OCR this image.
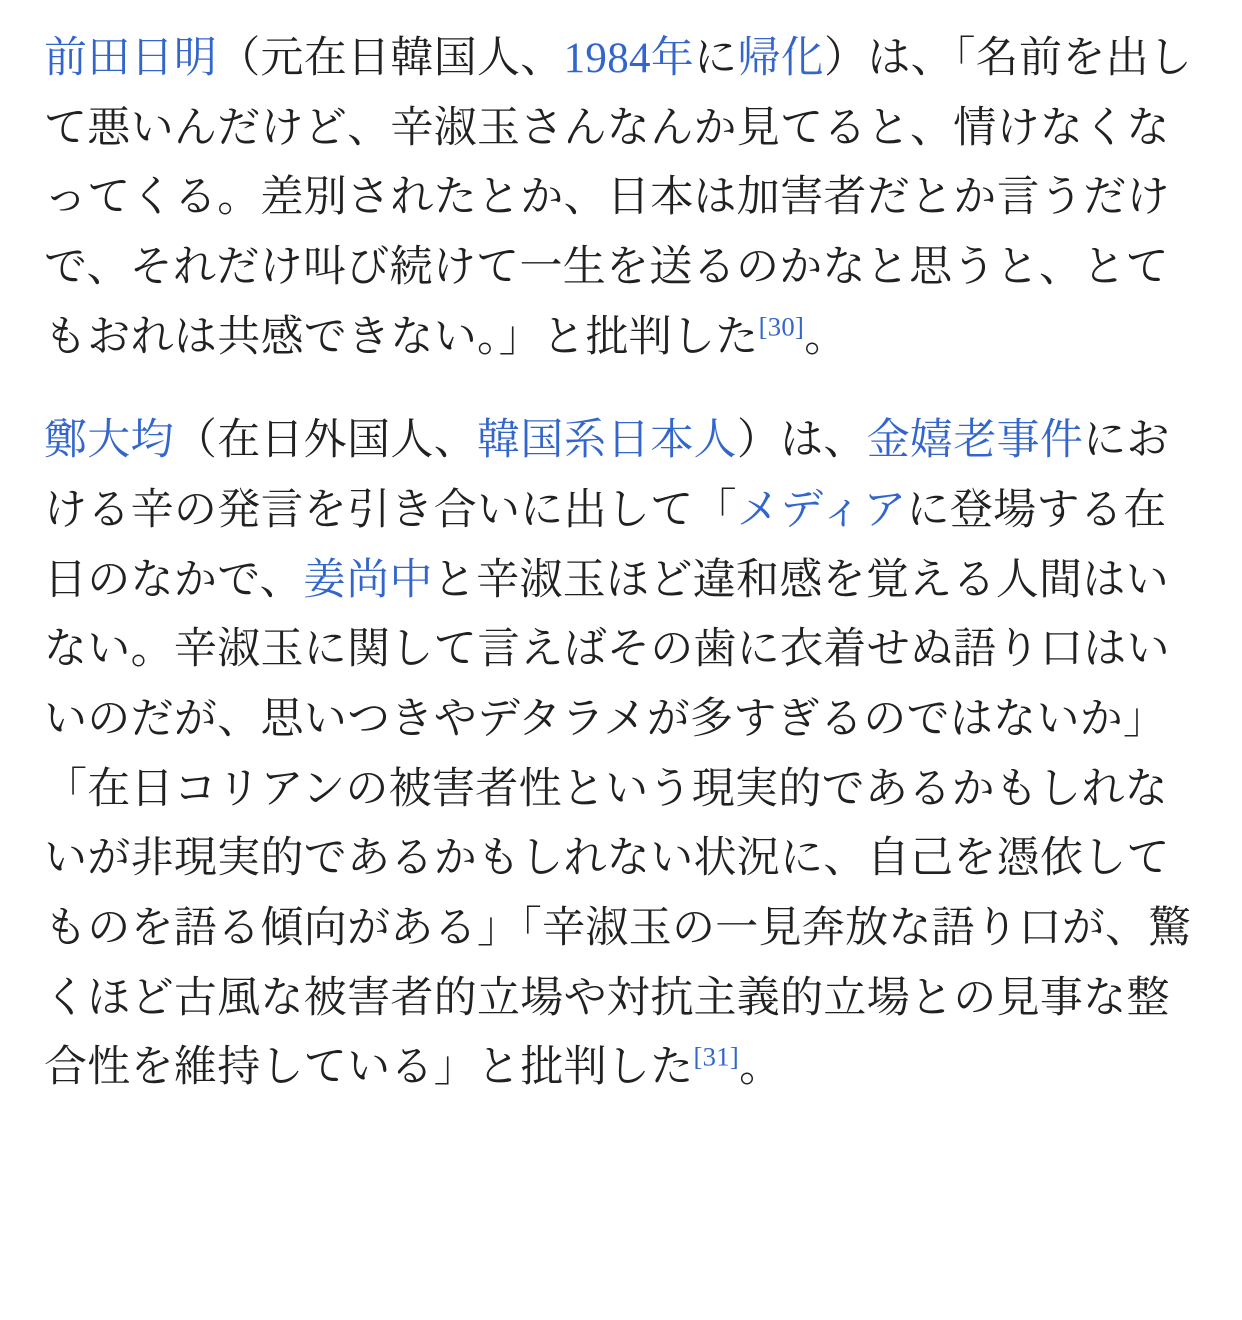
前田日明（元在日韓国人、1984年に帰化）は、「名前を出して悪いんだけど、辛淑玉さんなんか見てると、情けなくなってくる。差別されたとか、日本は加害者だとか言うだけで、それだけ叫び続けて一生を送るのかなと思うと、とてもおれは共感できない。」と批判した[30]。

鄭大均（在日外国人、韓国系日本人）は、金嬉老事件における辛の発言を引き合いに出して「メディアに登場する在日のなかで、姜尚中と辛淑玉ほど違和感を覚える人間はいない。辛淑玉に関して言えばその歯に衣着せぬ語り口はいいのだが、思いつきやデタラメが多すぎるのではないか」「在日コリアンの被害者性という現実的であるかもしれないが非現実的であるかもしれない状況に、自己を憑依してものを語る傾向がある」「辛淑玉の一見奔放な語り口が、驚くほど古風な被害者的立場や対抗主義的立場との見事な整合性を維持している」と批判した[31]。
